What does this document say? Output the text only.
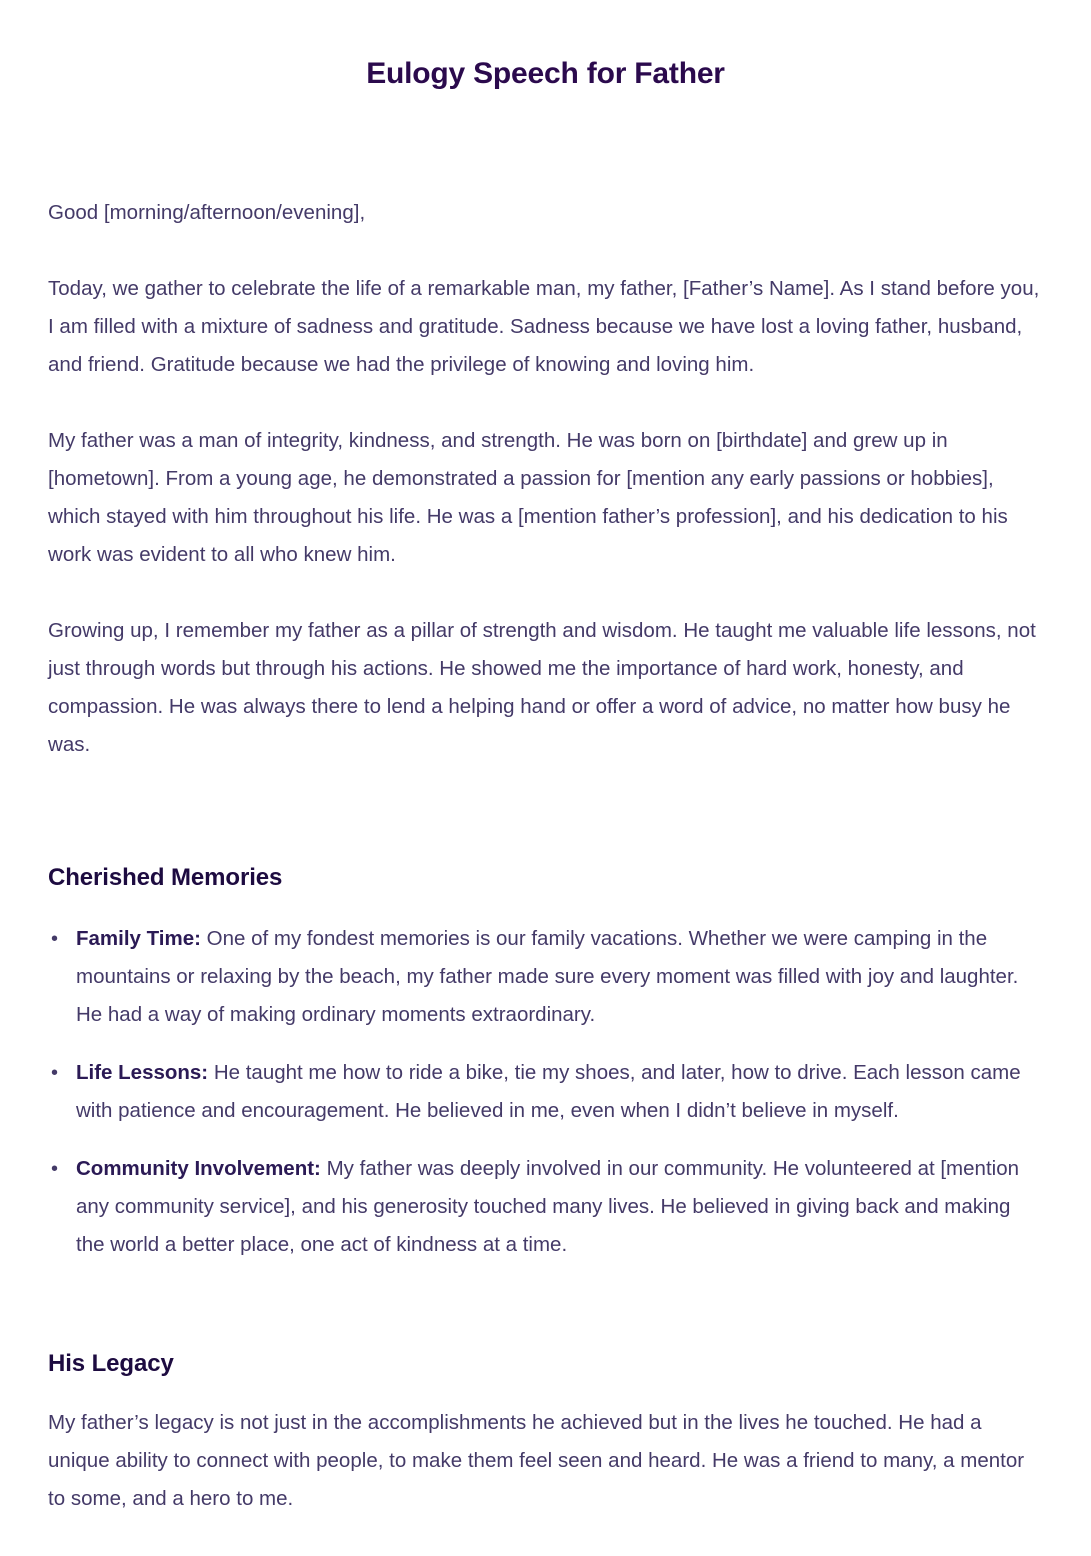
Eulogy Speech for Father

Good [morning/afternoon/evening],

Today, we gather to celebrate the life of a remarkable man, my father, [Father’s Name]. As I stand before you, I am filled with a mixture of sadness and gratitude. Sadness because we have lost a loving father, husband, and friend. Gratitude because we had the privilege of knowing and loving him.

My father was a man of integrity, kindness, and strength. He was born on [birthdate] and grew up in [hometown]. From a young age, he demonstrated a passion for [mention any early passions or hobbies], which stayed with him throughout his life. He was a [mention father’s profession], and his dedication to his work was evident to all who knew him.

Growing up, I remember my father as a pillar of strength and wisdom. He taught me valuable life lessons, not just through words but through his actions. He showed me the importance of hard work, honesty, and compassion. He was always there to lend a helping hand or offer a word of advice, no matter how busy he was.

Cherished Memories
• Family Time: One of my fondest memories is our family vacations. Whether we were camping in the mountains or relaxing by the beach, my father made sure every moment was filled with joy and laughter. He had a way of making ordinary moments extraordinary.
• Life Lessons: He taught me how to ride a bike, tie my shoes, and later, how to drive. Each lesson came with patience and encouragement. He believed in me, even when I didn’t believe in myself.
• Community Involvement: My father was deeply involved in our community. He volunteered at [mention any community service], and his generosity touched many lives. He believed in giving back and making the world a better place, one act of kindness at a time.
His Legacy

My father’s legacy is not just in the accomplishments he achieved but in the lives he touched. He had a unique ability to connect with people, to make them feel seen and heard. He was a friend to many, a mentor to some, and a hero to me.
